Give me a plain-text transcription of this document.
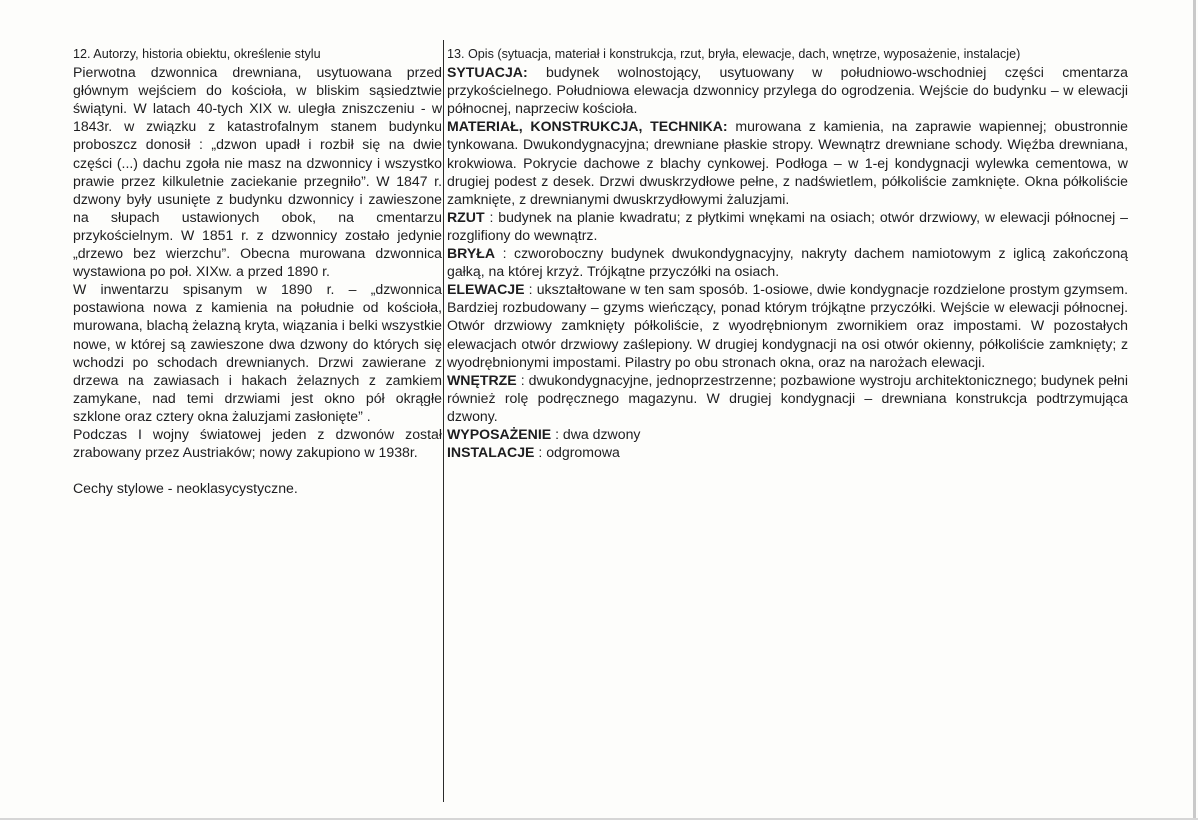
12. Autorzy, historia obiektu, określenie stylu

Pierwotna dzwonnica drewniana, usytuowana przed głównym wejściem do kościoła, w bliskim sąsiedztwie świątyni. W latach 40-tych XIX w. uległa zniszczeniu - w 1843r. w związku z katastrofalnym stanem budynku proboszcz donosił : „dzwon upadł i rozbił się na dwie części (...) dachu zgoła nie masz na dzwonnicy i wszystko prawie przez kilkuletnie zaciekanie przegniło”. W 1847 r. dzwony były usunięte z budynku dzwonnicy i zawieszone na słupach ustawionych obok, na cmentarzu przykościelnym. W 1851 r. z dzwonnicy zostało jedynie „drzewo bez wierzchu”. Obecna murowana dzwonnica wystawiona po poł. XIXw. a przed 1890 r.

W inwentarzu spisanym w 1890 r. – „dzwonnica postawiona nowa z kamienia na południe od kościoła, murowana, blachą żelazną kryta, wiązania i belki wszystkie nowe, w której są zawieszone dwa dzwony do których się wchodzi po schodach drewnianych. Drzwi zawierane z drzewa na zawiasach i hakach żelaznych z zamkiem zamykane, nad temi drzwiami jest okno pół okrągłe szklone oraz cztery okna żaluzjami zasłonięte” .

Podczas I wojny światowej jeden z dzwonów został zrabowany przez Austriaków; nowy zakupiono w 1938r.

Cechy stylowe - neoklasycystyczne.

13. Opis (sytuacja, materiał i konstrukcja, rzut, bryła, elewacje, dach, wnętrze, wyposażenie, instalacje)

SYTUACJA: budynek wolnostojący, usytuowany w południowo-wschodniej części cmentarza przykościelnego. Południowa elewacja dzwonnicy przylega do ogrodzenia. Wejście do budynku – w elewacji północnej, naprzeciw kościoła.

MATERIAŁ, KONSTRUKCJA, TECHNIKA: murowana z kamienia, na zaprawie wapiennej; obustronnie tynkowana. Dwukondygnacyjna; drewniane płaskie stropy. Wewnątrz drewniane schody. Więźba drewniana, krokwiowa. Pokrycie dachowe z blachy cynkowej. Podłoga – w 1-ej kondygnacji wylewka cementowa, w drugiej podest z desek. Drzwi dwuskrzydłowe pełne, z nadświetlem, półkoliście zamknięte. Okna półkoliście zamknięte, z drewnianymi dwuskrzydłowymi żaluzjami.

RZUT : budynek na planie kwadratu; z płytkimi wnękami na osiach; otwór drzwiowy, w elewacji północnej – rozglifiony do wewnątrz.

BRYŁA : czworoboczny budynek dwukondygnacyjny, nakryty dachem namiotowym z iglicą zakończoną gałką, na której krzyż. Trójkątne przyczółki na osiach.

ELEWACJE : ukształtowane w ten sam sposób. 1-osiowe, dwie kondygnacje rozdzielone prostym gzymsem. Bardziej rozbudowany – gzyms wieńczący, ponad którym trójkątne przyczółki. Wejście w elewacji północnej. Otwór drzwiowy zamknięty półkoliście, z wyodrębnionym zwornikiem oraz impostami. W pozostałych elewacjach otwór drzwiowy zaślepiony. W drugiej kondygnacji na osi otwór okienny, półkoliście zamknięty; z wyodrębnionymi impostami. Pilastry po obu stronach okna, oraz na narożach elewacji.

WNĘTRZE : dwukondygnacyjne, jednoprzestrzenne; pozbawione wystroju architektonicznego; budynek pełni również rolę podręcznego magazynu. W drugiej kondygnacji – drewniana konstrukcja podtrzymująca dzwony.

WYPOSAŻENIE : dwa dzwony

INSTALACJE : odgromowa
